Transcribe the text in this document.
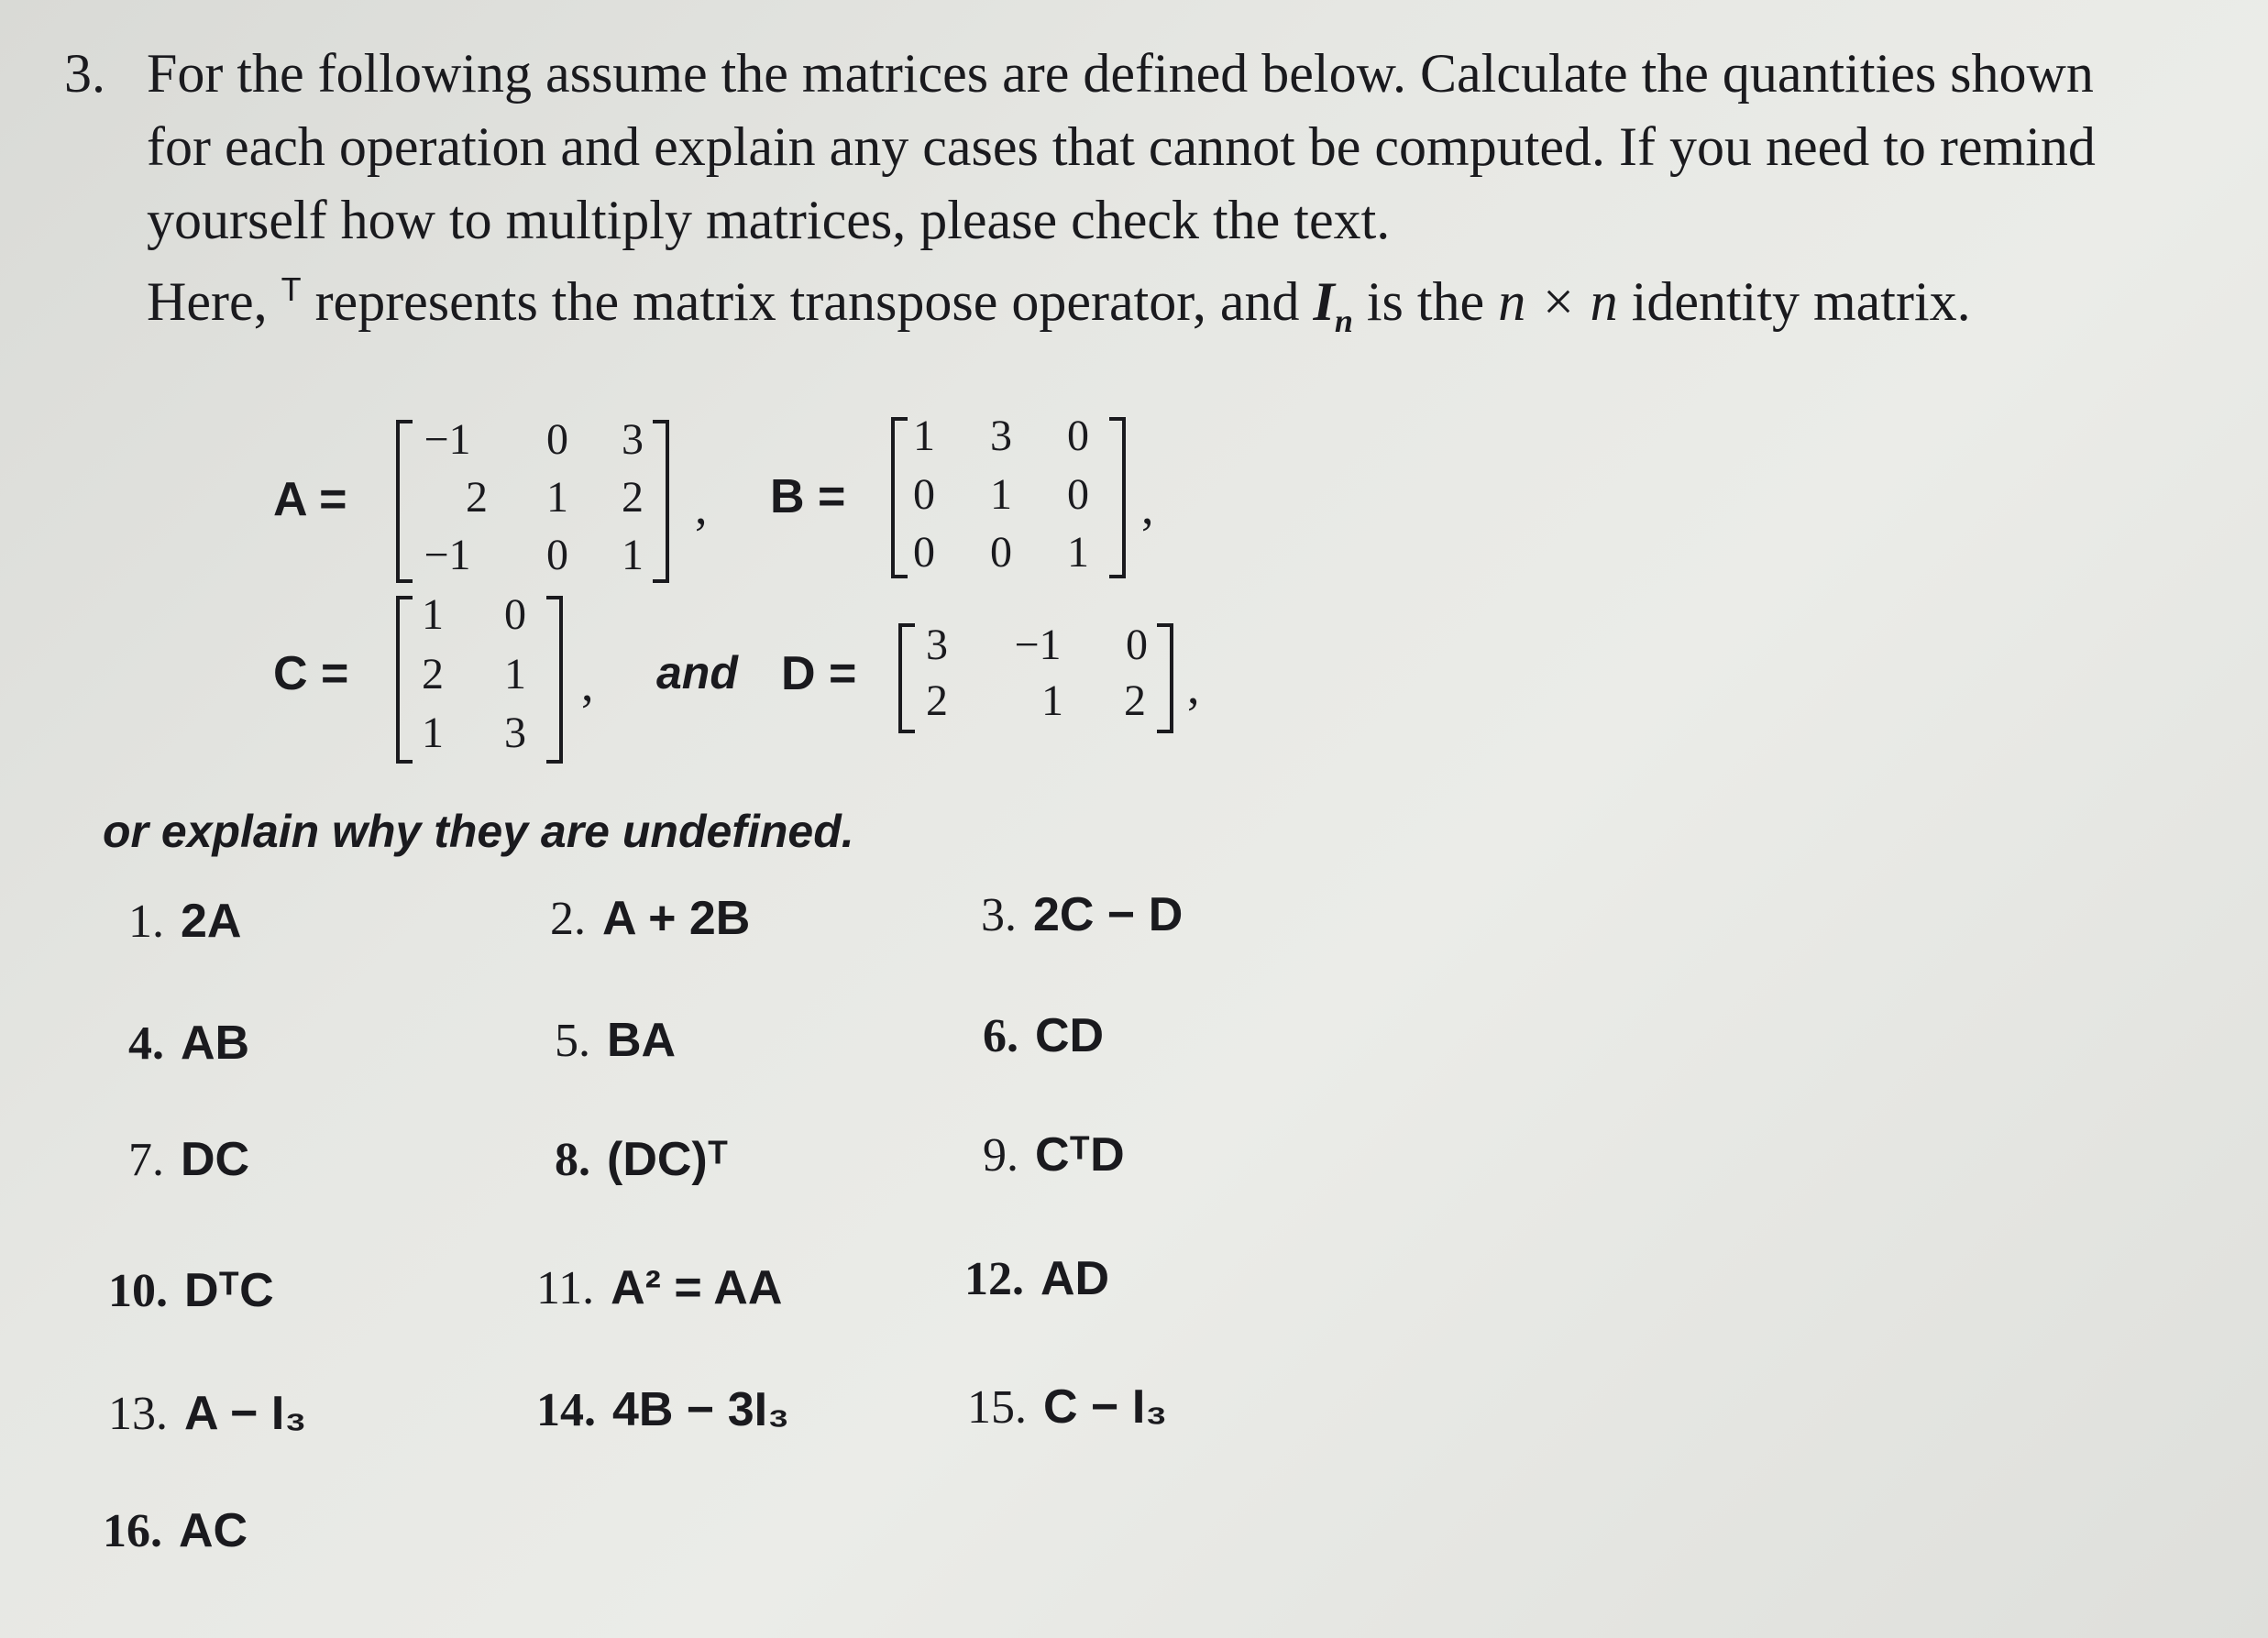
3. For the following assume the matrices are defined below. Calculate the quantities shown
for each operation and explain any cases that cannot be computed. If you need to remind
yourself how to multiply matrices, please check the text.
Here, $^T$ represents the matrix transpose operator, and $I_n$ is the n × n identity matrix.
A =
−1	0	3
2	1	2
−1	0	1
, B =
1	3	0
0	1	0
0	0	1
,
C =
1	0
2	1
1	3
, and D =
3	−1	0
2	1	2 ,
or explain why they are undefined.
1. 2A	2. A + 2B	3. 2C − D
4. AB	5. BA	6. CD
7. DC	8. (DC)ᵀ	9. CᵀD
10. DᵀC	11. A² = AA	12. AD
13. A − I₃	14. 4B − 3I₃	15. C − I₃
16. AC
